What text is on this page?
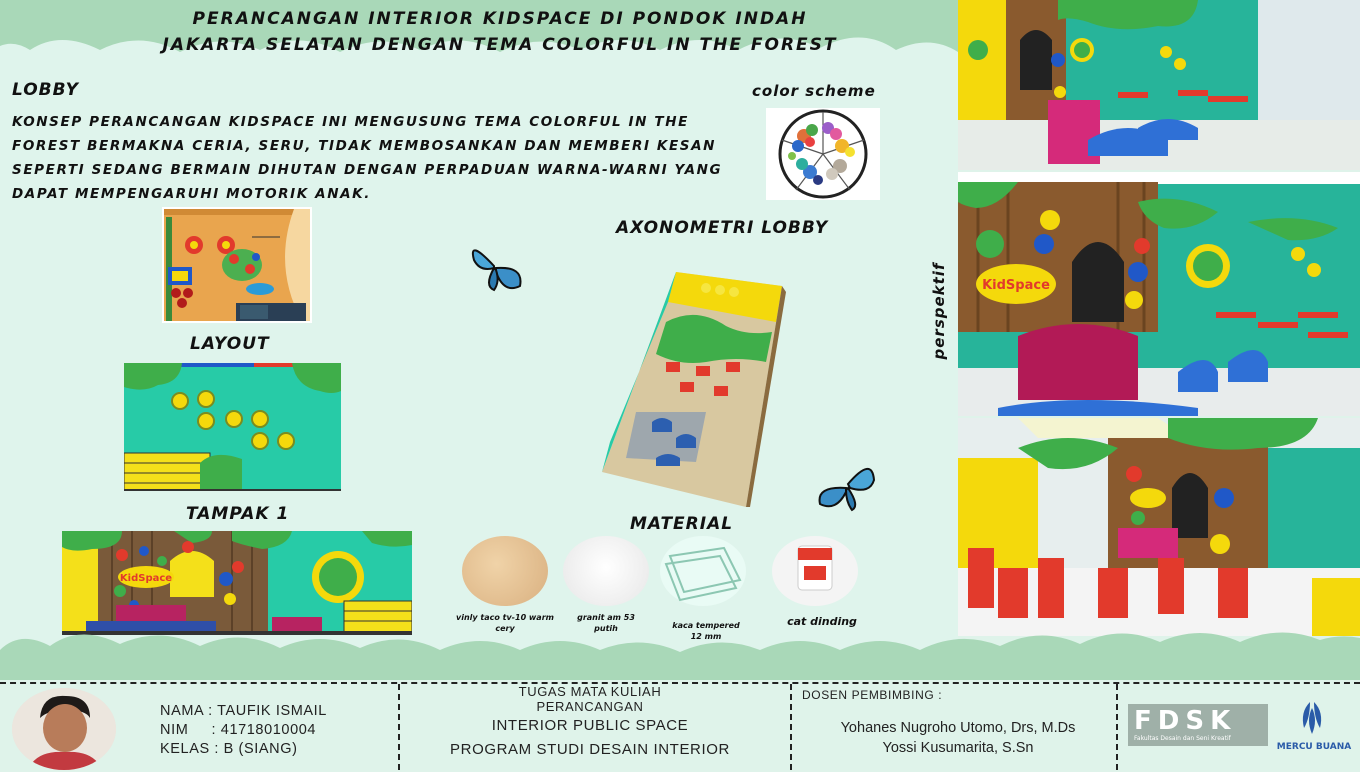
PERANCANGAN INTERIOR KIDSPACE DI PONDOK INDAH
JAKARTA SELATAN DENGAN TEMA COLORFUL IN THE FOREST
LOBBY
KONSEP PERANCANGAN KIDSPACE INI MENGUSUNG TEMA COLORFUL IN THE FOREST BERMAKNA CERIA, SERU, TIDAK MEMBOSANKAN DAN MEMBERI KESAN SEPERTI SEDANG BERMAIN DIHUTAN DENGAN PERPADUAN WARNA-WARNI YANG DAPAT MEMPENGARUHI MOTORIK ANAK.
color scheme
LAYOUT
TAMPAK 1
KidSpace
AXONOMETRI LOBBY
MATERIAL
vinly taco tv-10 warm
cery
granit am 53
putih	kaca tempered
12 mm
cat dinding
perspektif	KidSpace
NAMA : TAUFIK ISMAIL
NIM     : 41718010004
KELAS : B (SIANG)
TUGAS MATA KULIAH
PERANCANGAN
INTERIOR PUBLIC SPACE
PROGRAM STUDI DESAIN INTERIOR
DOSEN PEMBIMBING :
Yohanes Nugroho Utomo, Drs, M.Ds
Yossi Kusumarita, S.Sn
FDSK
Fakultas Desain dan Seni Kreatif
MERCU BUANA
